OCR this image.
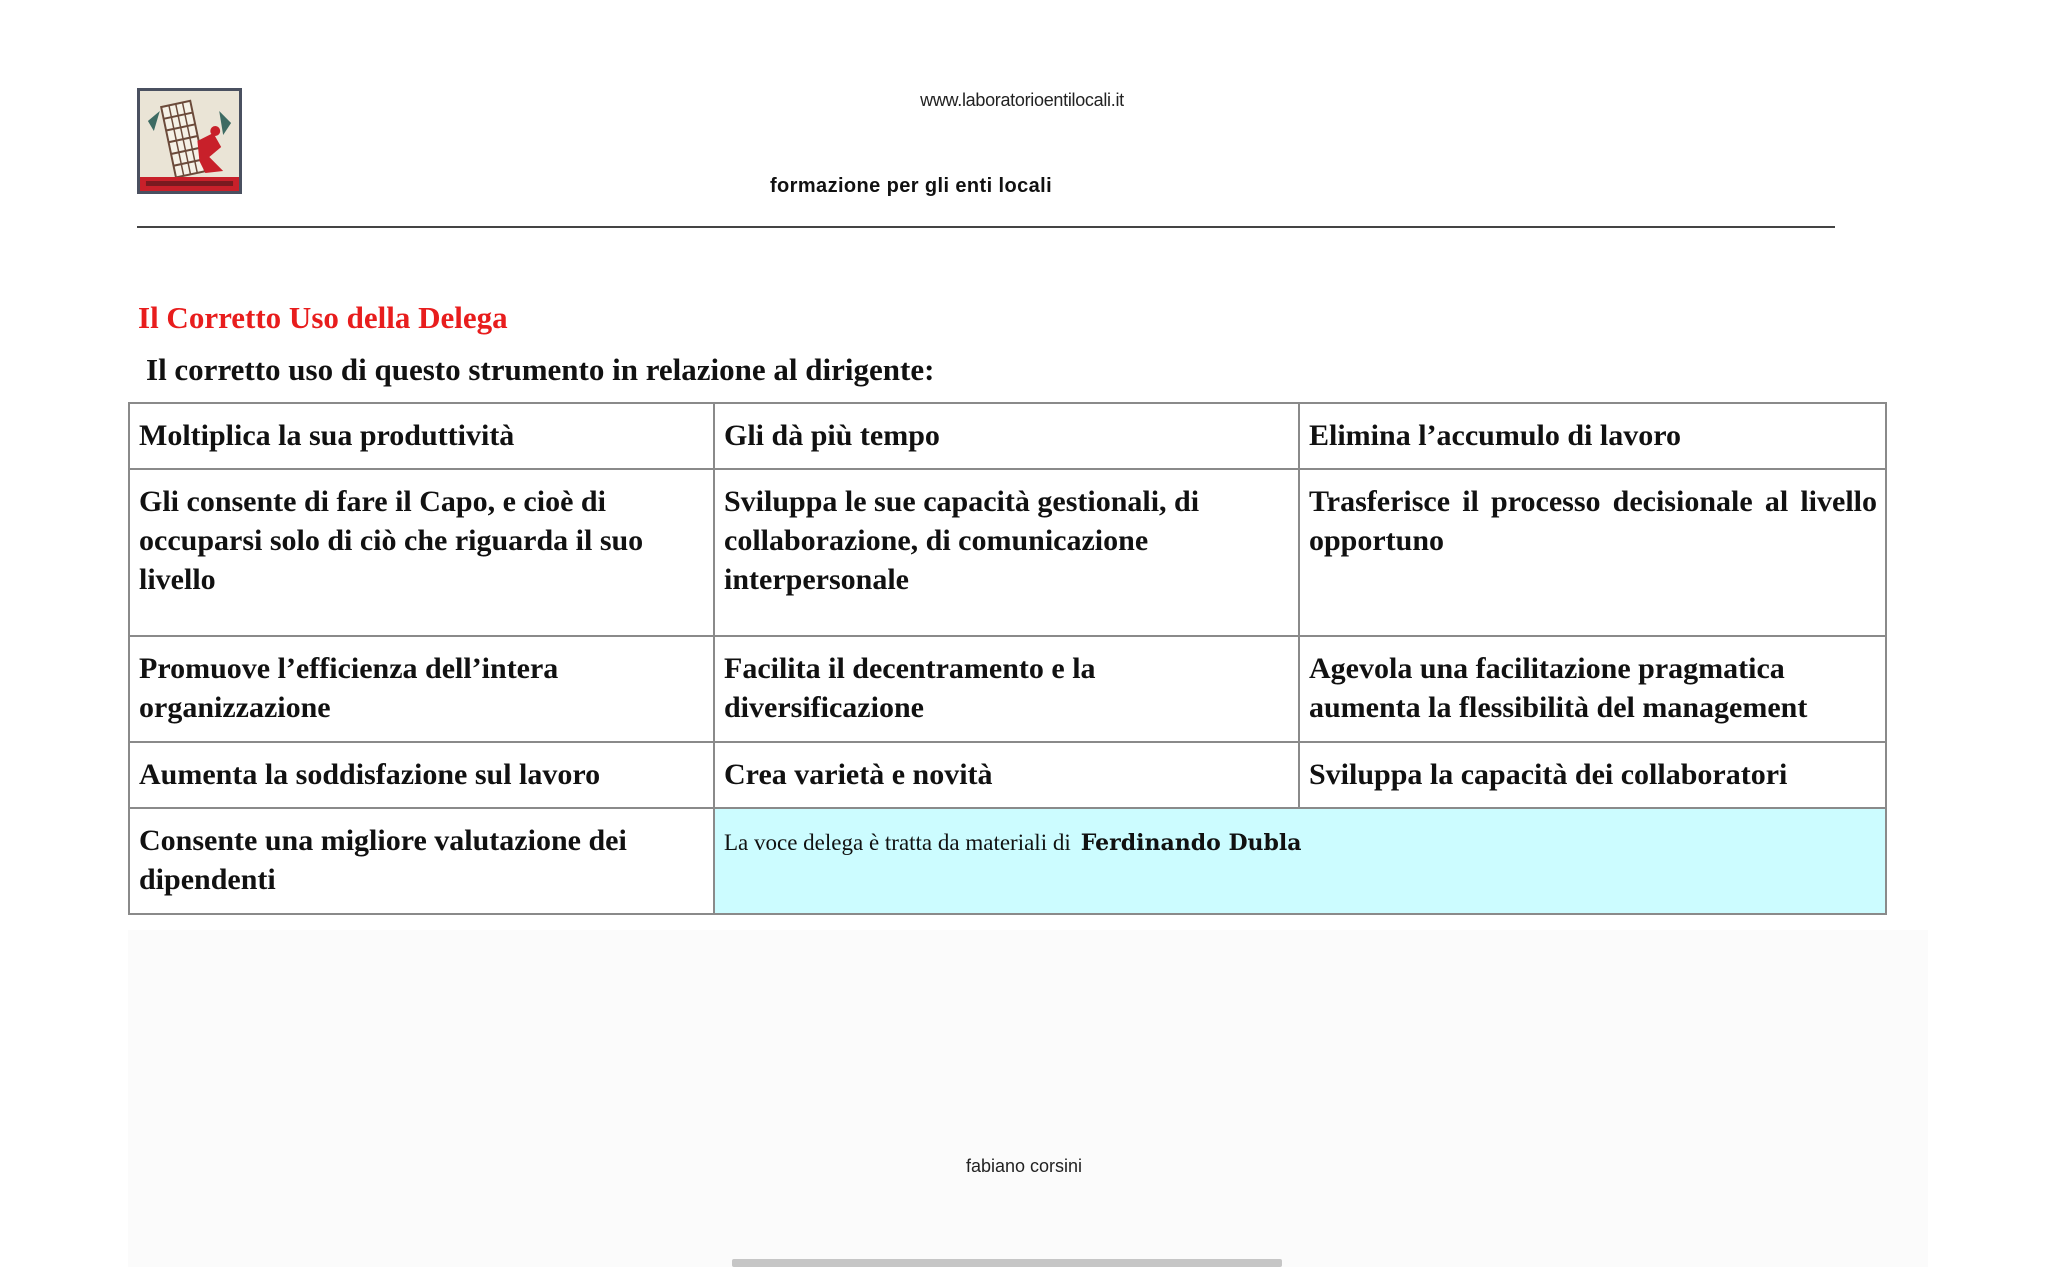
www.laboratorioentilocali.it
formazione per gli enti locali
Il Corretto Uso della Delega
Il corretto uso di questo strumento in relazione al dirigente:
Moltiplica la sua produttività	Gli dà più tempo	Elimina l’accumulo di lavoro
Gli consente di fare il Capo, e cioè di occuparsi solo di ciò che riguarda il suo livello	Sviluppa le sue capacità gestionali, di collaborazione, di comunicazione interpersonale	Trasferisce il processo decisionale al livello opportuno
Promuove l’efficienza dell’intera organizzazione	Facilita il decentramento e la diversificazione	Agevola una facilitazione pragmatica aumenta la flessibilità del management
Aumenta la soddisfazione sul lavoro	Crea varietà e novità	Sviluppa la capacità dei collaboratori
Consente una migliore valutazione dei dipendenti	La voce delega è tratta da materiali di Ferdinando Dubla	
fabiano corsini
